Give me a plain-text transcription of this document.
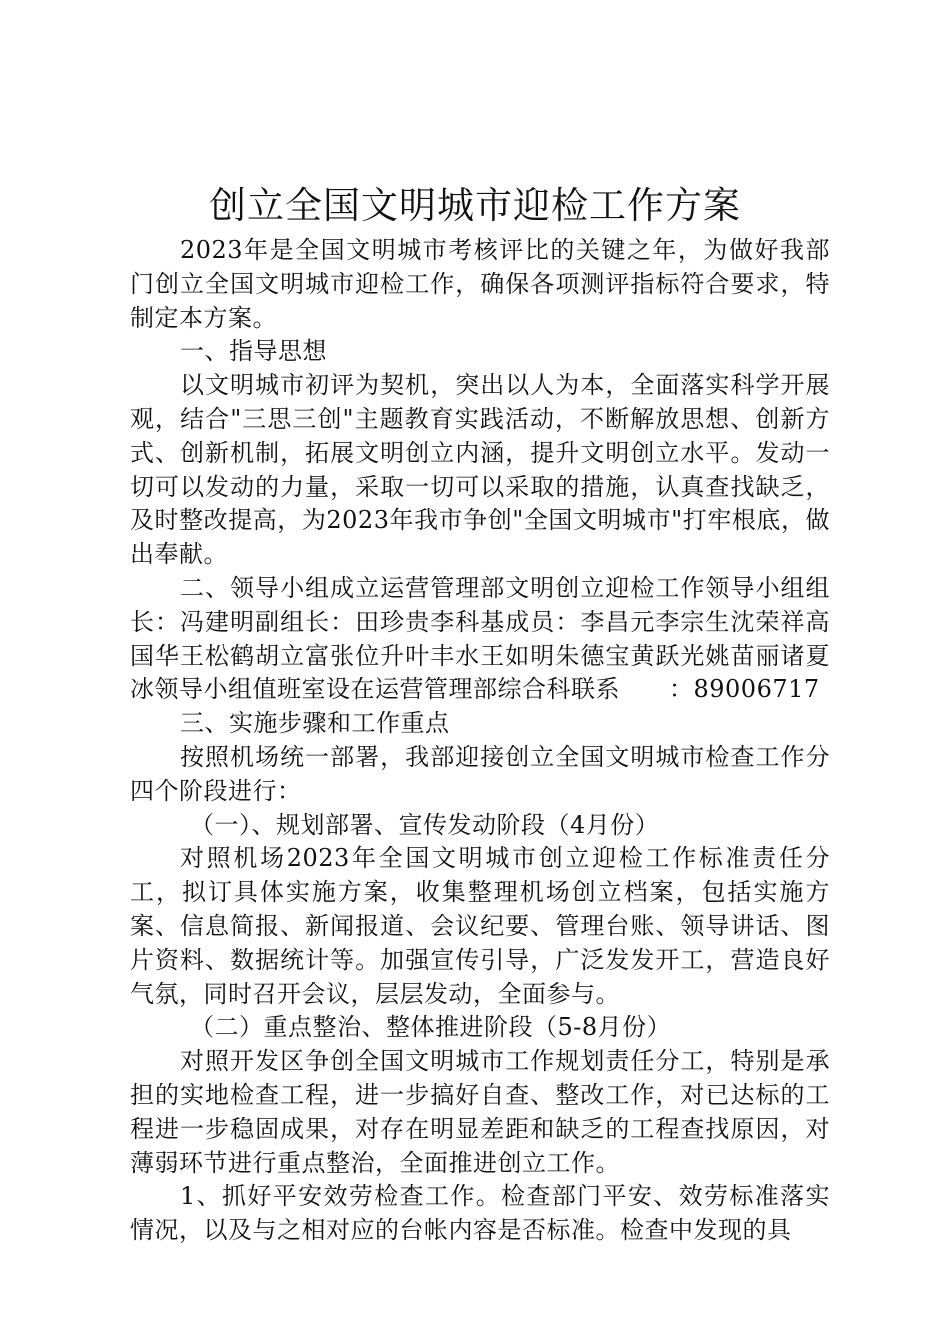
创立全国文明城市迎检工作方案

2023年是全国文明城市考核评比的关键之年，为做好我部门创立全国文明城市迎检工作，确保各项测评指标符合要求，特制定本方案。

一、指导思想

以文明城市初评为契机，突出以人为本，全面落实科学开展观，结合"三思三创"主题教育实践活动，不断解放思想、创新方式、创新机制，拓展文明创立内涵，提升文明创立水平。发动一切可以发动的力量，采取一切可以采取的措施，认真查找缺乏，及时整改提高，为2023年我市争创"全国文明城市"打牢根底，做出奉献。

二、领导小组成立运营管理部文明创立迎检工作领导小组组长：冯建明副组长：田珍贵李科基成员：李昌元李宗生沈荣祥高国华王松鹤胡立富张位升叶丰水王如明朱德宝黄跃光姚苗丽诸夏冰领导小组值班室设在运营管理部综合科联系　　：89006717

三、实施步骤和工作重点

按照机场统一部署，我部迎接创立全国文明城市检查工作分四个阶段进行：

（一）、规划部署、宣传发动阶段（4月份）

对照机场2023年全国文明城市创立迎检工作标准责任分工，拟订具体实施方案，收集整理机场创立档案，包括实施方案、信息简报、新闻报道、会议纪要、管理台账、领导讲话、图片资料、数据统计等。加强宣传引导，广泛发发开工，营造良好气氛，同时召开会议，层层发动，全面参与。

（二）重点整治、整体推进阶段（5-8月份）

对照开发区争创全国文明城市工作规划责任分工，特别是承担的实地检查工程，进一步搞好自查、整改工作，对已达标的工程进一步稳固成果，对存在明显差距和缺乏的工程查找原因，对薄弱环节进行重点整治，全面推进创立工作。

1、抓好平安效劳检查工作。检查部门平安、效劳标准落实情况，以及与之相对应的台帐内容是否标准。检查中发现的具
